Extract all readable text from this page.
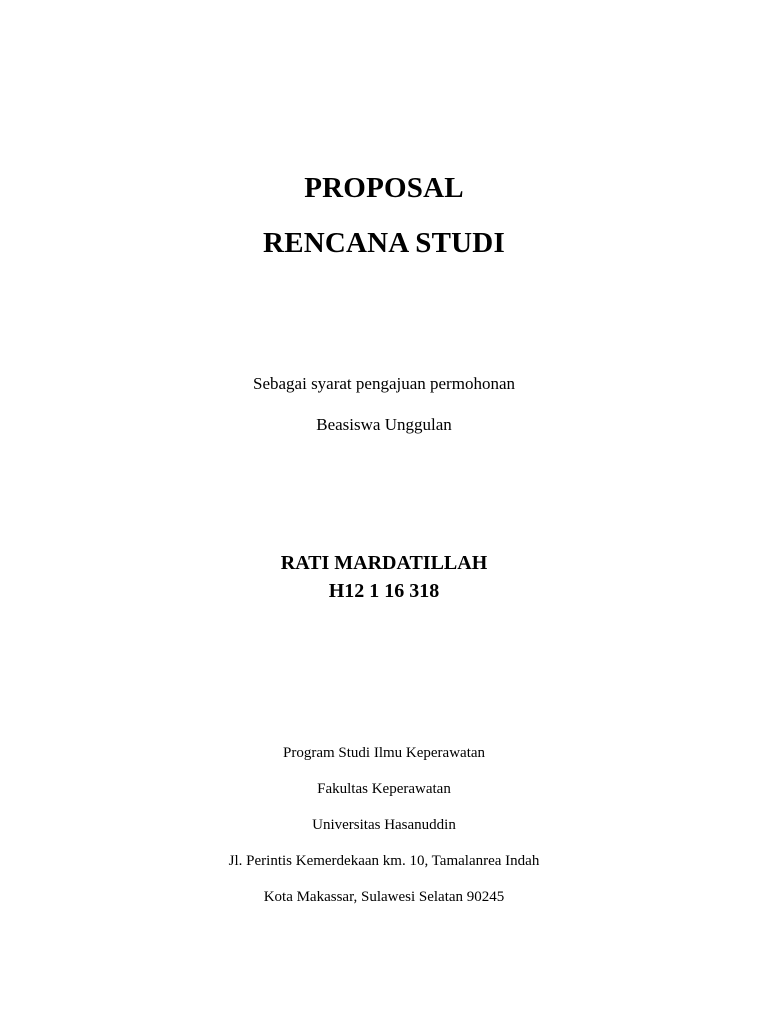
PROPOSAL
RENCANA STUDI

Sebagai syarat pengajuan permohonan

Beasiswa Unggulan

RATI MARDATILLAH

H12 1 16 318

Program Studi Ilmu Keperawatan

Fakultas Keperawatan

Universitas Hasanuddin

Jl. Perintis Kemerdekaan km. 10, Tamalanrea Indah

Kota Makassar, Sulawesi Selatan 90245
